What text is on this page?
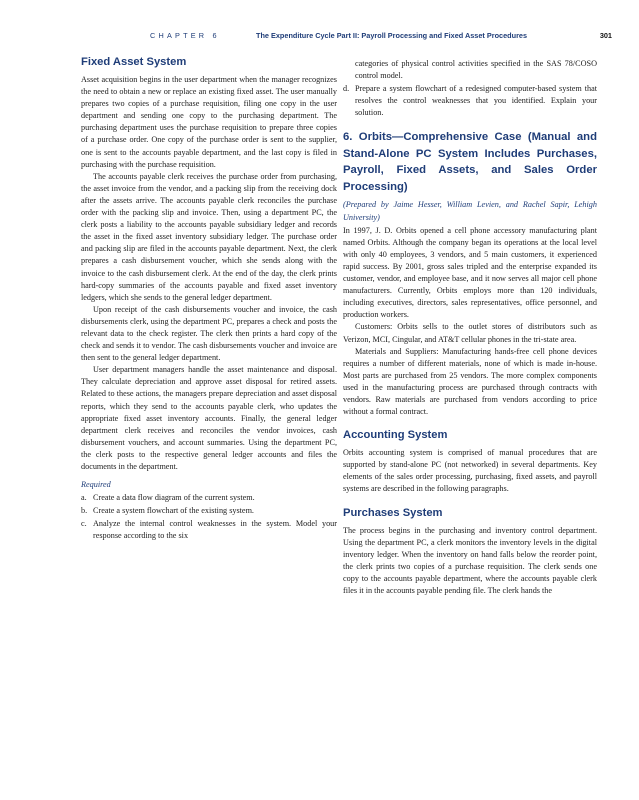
CHAPTER 6	The Expenditure Cycle Part II: Payroll Processing and Fixed Asset Procedures	301
Fixed Asset System

Asset acquisition begins in the user department when the manager recognizes the need to obtain a new or replace an existing fixed asset. The user manually prepares two copies of a purchase requisition, filing one copy in the user department and sending one copy to the purchasing department. The purchasing department uses the purchase requisition to prepare three copies of a purchase order. One copy of the purchase order is sent to the supplier, one is sent to the accounts payable department, and the last copy is filed in purchasing with the purchase requisition.

The accounts payable clerk receives the purchase order from purchasing, the asset invoice from the vendor, and a packing slip from the receiving dock after the assets arrive. The accounts payable clerk reconciles the purchase order with the packing slip and invoice. Then, using a department PC, the clerk posts a liability to the accounts payable subsidiary ledger and records the asset in the fixed asset inventory subsidiary ledger. The purchase order and packing slip are filed in the accounts payable department. Next, the clerk prepares a cash disbursement voucher, which she sends along with the invoice to the cash disbursement clerk. At the end of the day, the clerk prints hard-copy summaries of the accounts payable and fixed asset inventory ledgers, which she sends to the general ledger department.

Upon receipt of the cash disbursements voucher and invoice, the cash disbursements clerk, using the department PC, prepares a check and posts the relevant data to the check register. The clerk then prints a hard copy of the check and sends it to vendor. The cash disbursements voucher and invoice are then sent to the general ledger department.

User department managers handle the asset maintenance and disposal. They calculate depreciation and approve asset disposal for retired assets. Related to these actions, the managers prepare depreciation and asset disposal reports, which they send to the accounts payable clerk, who updates the appropriate fixed asset inventory accounts. Finally, the general ledger department clerk receives and reconciles the vendor invoices, cash disbursement vouchers, and account summaries. Using the department PC, the clerk posts to the respective general ledger accounts and files the documents in the department.

Required
a. Create a data flow diagram of the current system.
b. Create a system flowchart of the existing system.
c. Analyze the internal control weaknesses in the system. Model your response according to the six
categories of physical control activities specified in the SAS 78/COSO control model.
d. Prepare a system flowchart of a redesigned computer-based system that resolves the control weaknesses that you identified. Explain your solution.
6. Orbits—Comprehensive Case (Manual and Stand-Alone PC System Includes Purchases, Payroll, Fixed Assets, and Sales Order Processing)

(Prepared by Jaime Hesser, William Levien, and Rachel Sapir, Lehigh University)

In 1997, J. D. Orbits opened a cell phone accessory manufacturing plant named Orbits. Although the company began its operations at the local level with only 40 employees, 3 vendors, and 5 main customers, it experienced rapid success. By 2001, gross sales tripled and the enterprise expanded its customer, vendor, and employee base, and it now serves all major cell phone manufacturers. Currently, Orbits employs more than 120 individuals, including executives, directors, sales representatives, office personnel, and production workers.

Customers: Orbits sells to the outlet stores of distributors such as Verizon, MCI, Cingular, and AT&T cellular phones in the tri-state area.

Materials and Suppliers: Manufacturing hands-free cell phone devices requires a number of different materials, none of which is made in-house. Most parts are purchased from 25 vendors. The more complex components used in the manufacturing process are purchased through contracts with vendors. Raw materials are purchased from vendors according to price without a formal contract.

Accounting System

Orbits accounting system is comprised of manual procedures that are supported by stand-alone PC (not networked) in several departments. Key elements of the sales order processing, purchasing, fixed assets, and payroll systems are described in the following paragraphs.

Purchases System

The process begins in the purchasing and inventory control department. Using the department PC, a clerk monitors the inventory levels in the digital inventory ledger. When the inventory on hand falls below the reorder point, the clerk prints two copies of a purchase requisition. The clerk sends one copy to the accounts payable department, where the accounts payable clerk files it in the accounts payable pending file. The clerk hands the
